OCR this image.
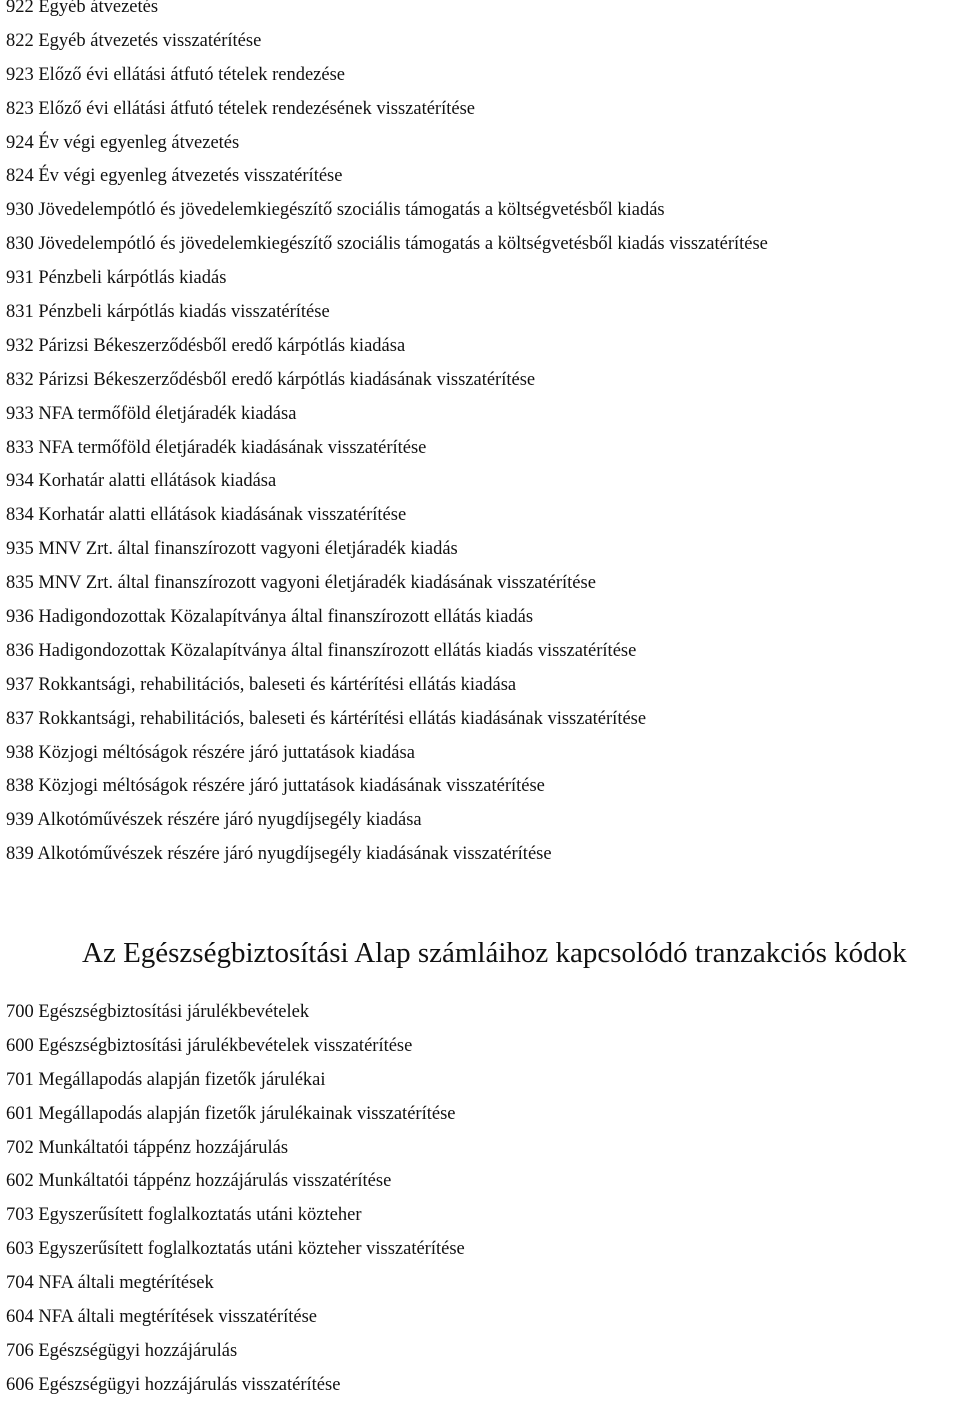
922 Egyéb átvezetés
822 Egyéb átvezetés visszatérítése
923 Előző évi ellátási átfutó tételek rendezése
823 Előző évi ellátási átfutó tételek rendezésének visszatérítése
924 Év végi egyenleg átvezetés
824 Év végi egyenleg átvezetés visszatérítése
930 Jövedelempótló és jövedelemkiegészítő szociális támogatás a költségvetésből kiadás
830 Jövedelempótló és jövedelemkiegészítő szociális támogatás a költségvetésből kiadás visszatérítése
931 Pénzbeli kárpótlás kiadás
831 Pénzbeli kárpótlás kiadás visszatérítése
932 Párizsi Békeszerződésből eredő kárpótlás kiadása
832 Párizsi Békeszerződésből eredő kárpótlás kiadásának visszatérítése
933 NFA termőföld életjáradék kiadása
833 NFA termőföld életjáradék kiadásának visszatérítése
934 Korhatár alatti ellátások kiadása
834 Korhatár alatti ellátások kiadásának visszatérítése
935 MNV Zrt. által finanszírozott vagyoni életjáradék kiadás
835 MNV Zrt. által finanszírozott vagyoni életjáradék kiadásának visszatérítése
936 Hadigondozottak Közalapítványa által finanszírozott ellátás kiadás
836 Hadigondozottak Közalapítványa által finanszírozott ellátás kiadás visszatérítése
937 Rokkantsági, rehabilitációs, baleseti és kártérítési ellátás kiadása
837 Rokkantsági, rehabilitációs, baleseti és kártérítési ellátás kiadásának visszatérítése
938 Közjogi méltóságok részére járó juttatások kiadása
838 Közjogi méltóságok részére járó juttatások kiadásának visszatérítése
939 Alkotóművészek részére járó nyugdíjsegély kiadása
839 Alkotóművészek részére járó nyugdíjsegély kiadásának visszatérítése
Az Egészségbiztosítási Alap számláihoz kapcsolódó tranzakciós kódok
700 Egészségbiztosítási járulékbevételek
600 Egészségbiztosítási járulékbevételek visszatérítése
701 Megállapodás alapján fizetők járulékai
601 Megállapodás alapján fizetők járulékainak visszatérítése
702 Munkáltatói táppénz hozzájárulás
602 Munkáltatói táppénz hozzájárulás visszatérítése
703 Egyszerűsített foglalkoztatás utáni közteher
603 Egyszerűsített foglalkoztatás utáni közteher visszatérítése
704 NFA általi megtérítések
604 NFA általi megtérítések visszatérítése
706 Egészségügyi hozzájárulás
606 Egészségügyi hozzájárulás visszatérítése
